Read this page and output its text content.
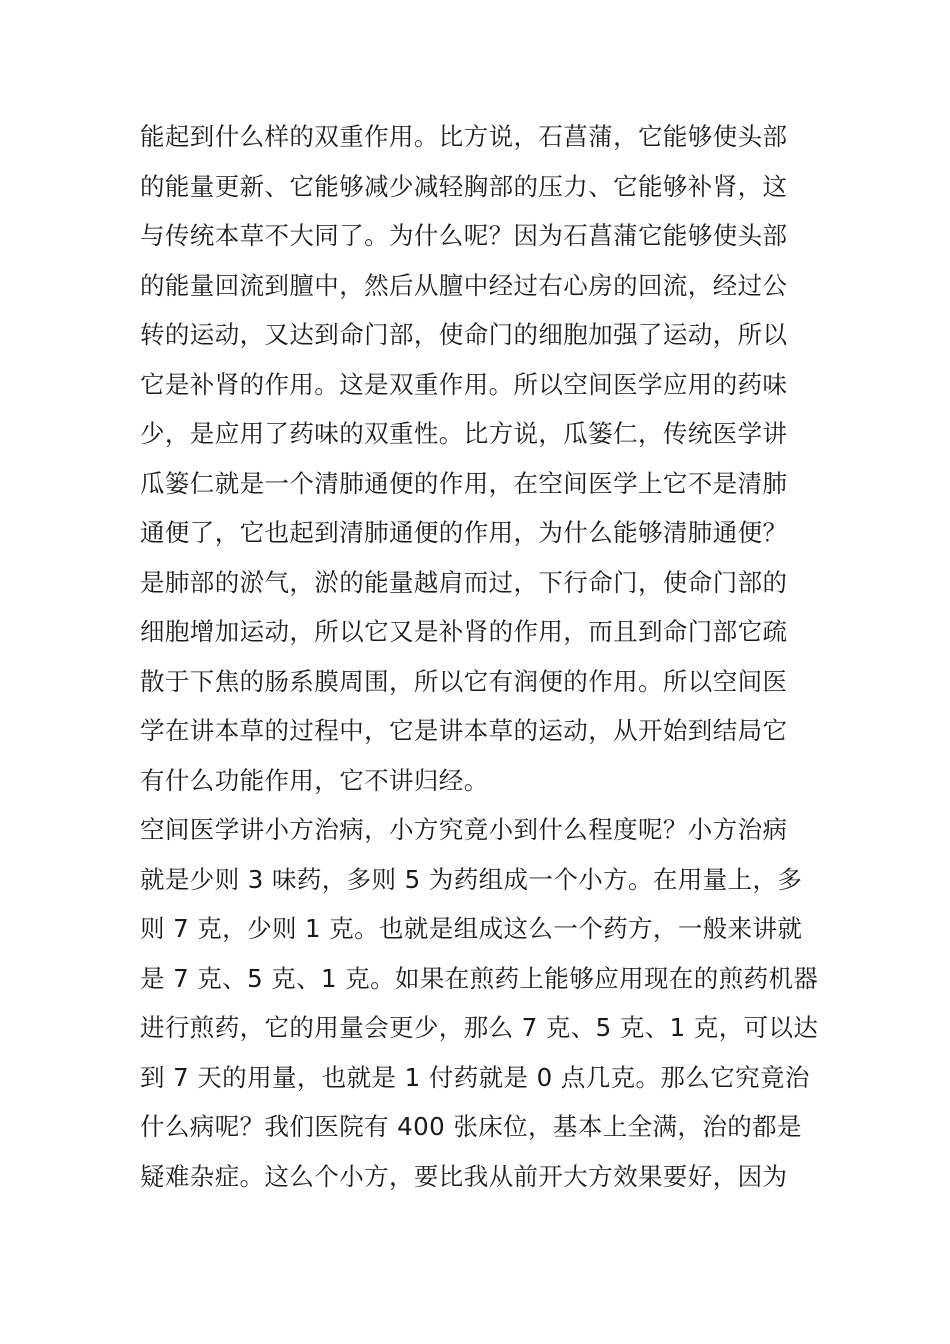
能起到什么样的双重作用。比方说，石菖蒲，它能够使头部
的能量更新、它能够减少减轻胸部的压力、它能够补肾，这
与传统本草不大同了。为什么呢？因为石菖蒲它能够使头部
的能量回流到膻中，然后从膻中经过右心房的回流，经过公
转的运动，又达到命门部，使命门的细胞加强了运动，所以
它是补肾的作用。这是双重作用。所以空间医学应用的药味
少，是应用了药味的双重性。比方说，瓜篓仁，传统医学讲
瓜篓仁就是一个清肺通便的作用，在空间医学上它不是清肺
通便了，它也起到清肺通便的作用，为什么能够清肺通便？
是肺部的淤气，淤的能量越肩而过，下行命门，使命门部的
细胞增加运动，所以它又是补肾的作用，而且到命门部它疏
散于下焦的肠系膜周围，所以它有润便的作用。所以空间医
学在讲本草的过程中，它是讲本草的运动，从开始到结局它
有什么功能作用，它不讲归经。
空间医学讲小方治病，小方究竟小到什么程度呢？小方治病
就是少则 3 味药，多则 5 为药组成一个小方。在用量上，多
则 7 克，少则 1 克。也就是组成这么一个药方，一般来讲就
是 7 克、5 克、1 克。如果在煎药上能够应用现在的煎药机器
进行煎药，它的用量会更少，那么 7 克、5 克、1 克，可以达
到 7 天的用量，也就是 1 付药就是 0 点几克。那么它究竟治
什么病呢？我们医院有 400 张床位，基本上全满，治的都是
疑难杂症。这么个小方，要比我从前开大方效果要好，因为
